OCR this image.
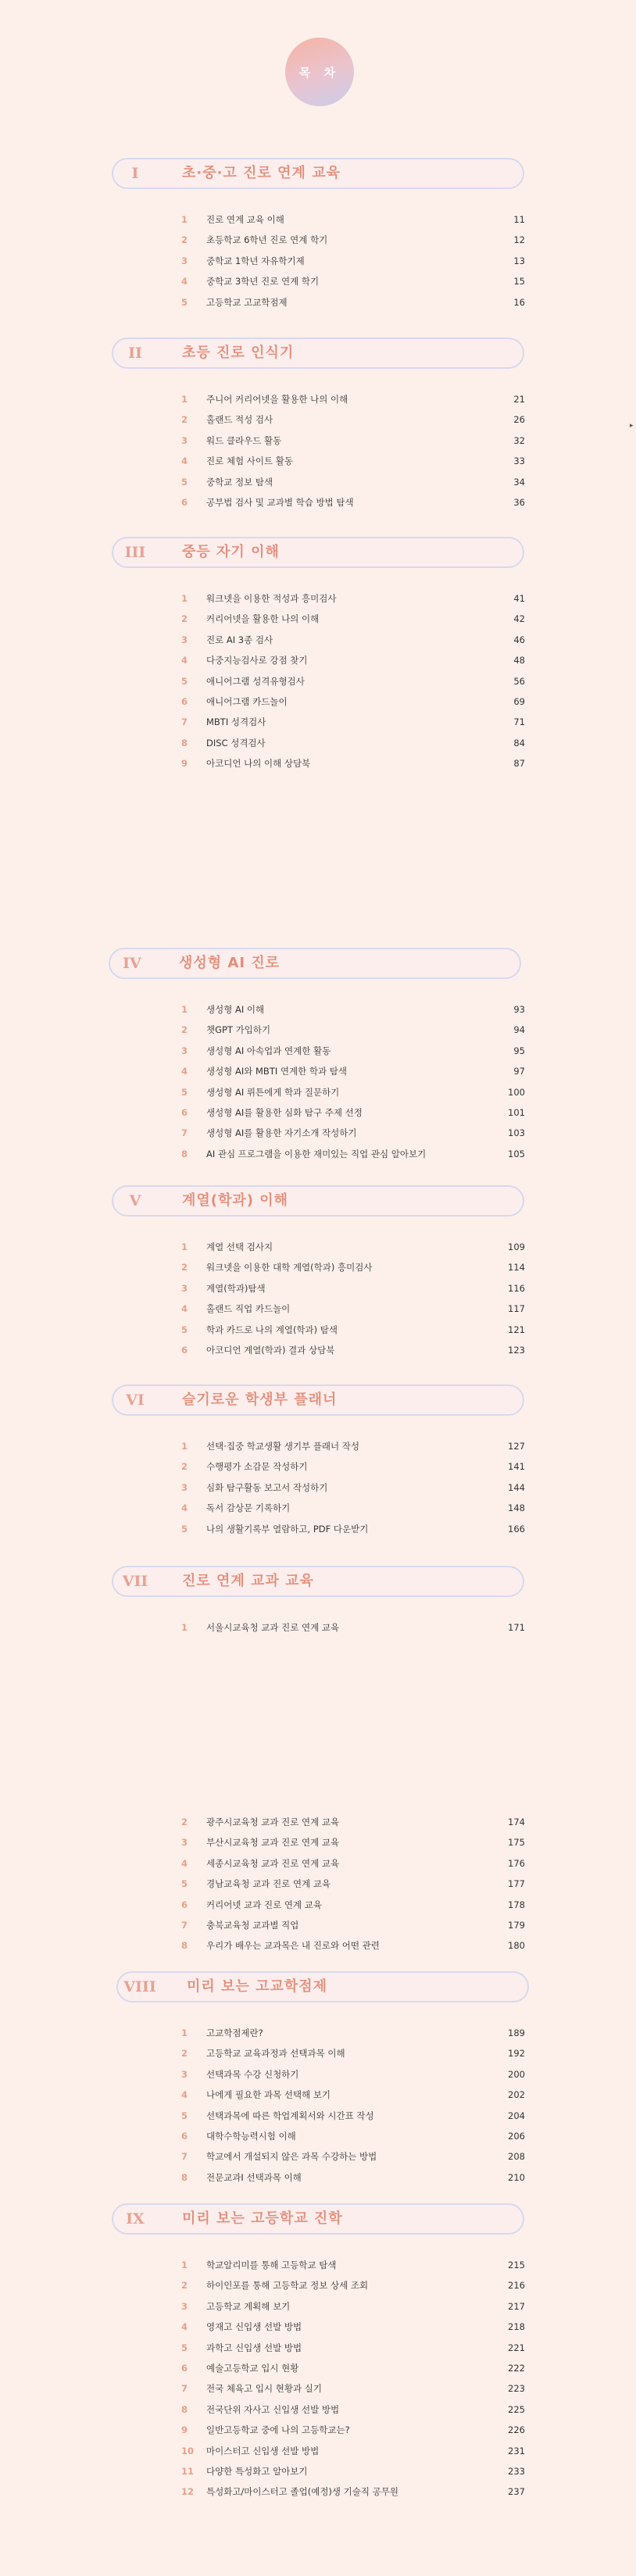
목 차
▸
I	초·중·고 진로 연계 교육
1	진로 연계 교육 이해	11
2	초등학교 6학년 진로 연계 학기	12
3	중학교 1학년 자유학기제	13
4	중학교 3학년 진로 연계 학기	15
5	고등학교 고교학점제	16
II	초등 진로 인식기
1	주니어 커리어넷을 활용한 나의 이해	21
2	홀랜드 적성 검사	26
3	워드 클라우드 활동	32
4	진로 체험 사이트 활동	33
5	중학교 정보 탐색	34
6	공부법 검사 및 교과별 학습 방법 탐색	36
III	중등 자기 이해
1	워크넷을 이용한 적성과 흥미검사	41
2	커리어넷을 활용한 나의 이해	42
3	진로 AI 3종 검사	46
4	다중지능검사로 강점 찾기	48
5	애니어그램 성격유형검사	56
6	애니어그램 카드놀이	69
7	MBTI 성격검사	71
8	DISC 성격검사	84
9	아코디언 나의 이해 상담북	87
IV	생성형 AI 진로
1	생성형 AI 이해	93
2	챗GPT 가입하기	94
3	생성형 AI 아속업과 연계한 활동	95
4	생성형 AI와 MBTI 연계한 학과 탐색	97
5	생성형 AI 뤼튼에게 학과 질문하기	100
6	생성형 AI를 활용한 심화 탐구 주제 선정	101
7	생성형 AI를 활용한 자기소개 작성하기	103
8	AI 관심 프로그램을 이용한 재미있는 직업 관심 알아보기	105
V	계열(학과) 이해
1	계열 선택 검사지	109
2	워크넷을 이용한 대학 계열(학과) 흥미검사	114
3	계열(학과)탐색	116
4	홀랜드 직업 카드놀이	117
5	학과 카드로 나의 계열(학과) 탐색	121
6	아코디언 계열(학과) 결과 상담북	123
VI	슬기로운 학생부 플래너
1	선택·집중 학교생활 생기부 플래너 작성	127
2	수행평가 소감문 작성하기	141
3	심화 탐구활동 보고서 작성하기	144
4	독서 감상문 기록하기	148
5	나의 생활기록부 열람하고, PDF 다운받기	166
VII	진로 연계 교과 교육
1	서울시교육청 교과 진로 연계 교육	171
2	광주시교육청 교과 진로 연계 교육	174
3	부산시교육청 교과 진로 연계 교육	175
4	세종시교육청 교과 진로 연계 교육	176
5	경남교육청 교과 진로 연계 교육	177
6	커리어넷 교과 진로 연계 교육	178
7	충북교육청 교과별 직업	179
8	우리가 배우는 교과목은 내 진로와 어떤 관련	180
VIII	미리 보는 고교학점제
1	고교학점제란?	189
2	고등학교 교육과정과 선택과목 이해	192
3	선택과목 수강 신청하기	200
4	나에게 필요한 과목 선택해 보기	202
5	선택과목에 따른 학업계획서와 시간표 작성	204
6	대학수학능력시험 이해	206
7	학교에서 개설되지 않은 과목 수강하는 방법	208
8	전문교과Ⅰ 선택과목 이해	210
IX	미리 보는 고등학교 진학
1	학교알리미를 통해 고등학교 탐색	215
2	하이인포를 통해 고등학교 정보 상세 조회	216
3	고등학교 계획해 보기	217
4	영재고 신입생 선발 방법	218
5	과학고 신입생 선발 방법	221
6	예술고등학교 입시 현황	222
7	전국 체육고 입시 현황과 실기	223
8	전국단위 자사고 신입생 선발 방법	225
9	일반고등학교 중에 나의 고등학교는?	226
10 마이스터고 신입생 선발 방법	231
11 다양한 특성화고 알아보기	233
12 특성화고/마이스터고 졸업(예정)생 기술직 공무원	237
